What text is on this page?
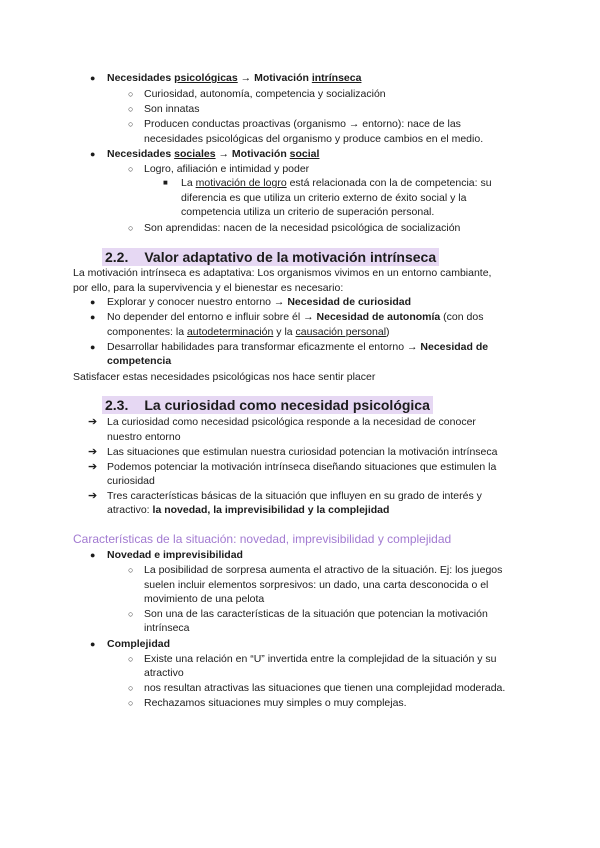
● Necesidades psicológicas → Motivación intrínseca
○ Curiosidad, autonomía, competencia y socialización
○ Son innatas
○ Producen conductas proactivas (organismo → entorno): nace de las
necesidades psicológicas del organismo y produce cambios en el medio.
● Necesidades sociales → Motivación social
○ Logro, afiliación e intimidad y poder
■ La motivación de logro está relacionada con la de competencia: su
diferencia es que utiliza un criterio externo de éxito social y la
competencia utiliza un criterio de superación personal.
○ Son aprendidas: nacen de la necesidad psicológica de socialización
2.2. Valor adaptativo de la motivación intrínseca
La motivación intrínseca es adaptativa: Los organismos vivimos en un entorno cambiante,
por ello, para la supervivencia y el bienestar es necesario:
● Explorar y conocer nuestro entorno → Necesidad de curiosidad
● No depender del entorno e influir sobre él → Necesidad de autonomía (con dos
componentes: la autodeterminación y la causación personal)
● Desarrollar habilidades para transformar eficazmente el entorno → Necesidad de
competencia
Satisfacer estas necesidades psicológicas nos hace sentir placer
2.3. La curiosidad como necesidad psicológica
➔ La curiosidad como necesidad psicológica responde a la necesidad de conocer
nuestro entorno
➔ Las situaciones que estimulan nuestra curiosidad potencian la motivación intrínseca
➔ Podemos potenciar la motivación intrínseca diseñando situaciones que estimulen la
curiosidad
➔ Tres características básicas de la situación que influyen en su grado de interés y
atractivo: la novedad, la imprevisibilidad y la complejidad
Características de la situación: novedad, imprevisibilidad y complejidad
● Novedad e imprevisibilidad
○ La posibilidad de sorpresa aumenta el atractivo de la situación. Ej: los juegos
suelen incluir elementos sorpresivos: un dado, una carta desconocida o el
movimiento de una pelota
○ Son una de las características de la situación que potencian la motivación
intrínseca
● Complejidad
○ Existe una relación en “U” invertida entre la complejidad de la situación y su
atractivo
○ nos resultan atractivas las situaciones que tienen una complejidad moderada.
○ Rechazamos situaciones muy simples o muy complejas.
